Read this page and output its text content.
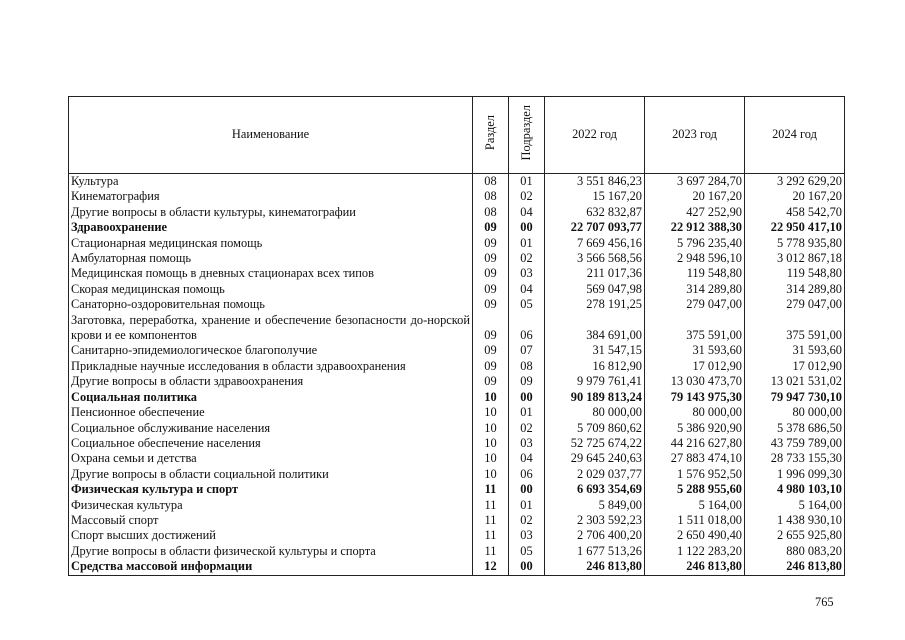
Наименование	Раздел	Подраздел	2022 год	2023 год	2024 год
Культура	08	01	3 551 846,23	3 697 284,70	3 292 629,20
Кинематография	08	02	15 167,20	20 167,20	20 167,20
Другие вопросы в области культуры, кинематографии	08	04	632 832,87	427 252,90	458 542,70
Здравоохранение	09	00	22 707 093,77	22 912 388,30	22 950 417,10
Стационарная медицинская помощь	09	01	7 669 456,16	5 796 235,40	5 778 935,80
Амбулаторная помощь	09	02	3 566 568,56	2 948 596,10	3 012 867,18
Медицинская помощь в дневных стационарах всех типов	09	03	211 017,36	119 548,80	119 548,80
Скорая медицинская помощь	09	04	569 047,98	314 289,80	314 289,80
Санаторно-оздоровительная помощь	09	05	278 191,25	279 047,00	279 047,00
Заготовка, переработка, хранение и обеспечение безопасности до-норской крови и ее компонентов	09	06	384 691,00	375 591,00	375 591,00
Санитарно-эпидемиологическое благополучие	09	07	31 547,15	31 593,60	31 593,60
Прикладные научные исследования в области здравоохранения	09	08	16 812,90	17 012,90	17 012,90
Другие вопросы в области здравоохранения	09	09	9 979 761,41	13 030 473,70	13 021 531,02
Социальная политика	10	00	90 189 813,24	79 143 975,30	79 947 730,10
Пенсионное обеспечение	10	01	80 000,00	80 000,00	80 000,00
Социальное обслуживание населения	10	02	5 709 860,62	5 386 920,90	5 378 686,50
Социальное обеспечение населения	10	03	52 725 674,22	44 216 627,80	43 759 789,00
Охрана семьи и детства	10	04	29 645 240,63	27 883 474,10	28 733 155,30
Другие вопросы в области социальной политики	10	06	2 029 037,77	1 576 952,50	1 996 099,30
Физическая культура и спорт	11	00	6 693 354,69	5 288 955,60	4 980 103,10
Физическая культура	11	01	5 849,00	5 164,00	5 164,00
Массовый спорт	11	02	2 303 592,23	1 511 018,00	1 438 930,10
Спорт высших достижений	11	03	2 706 400,20	2 650 490,40	2 655 925,80
Другие вопросы в области физической культуры и спорта	11	05	1 677 513,26	1 122 283,20	880 083,20
Средства массовой информации	12	00	246 813,80	246 813,80	246 813,80
765
